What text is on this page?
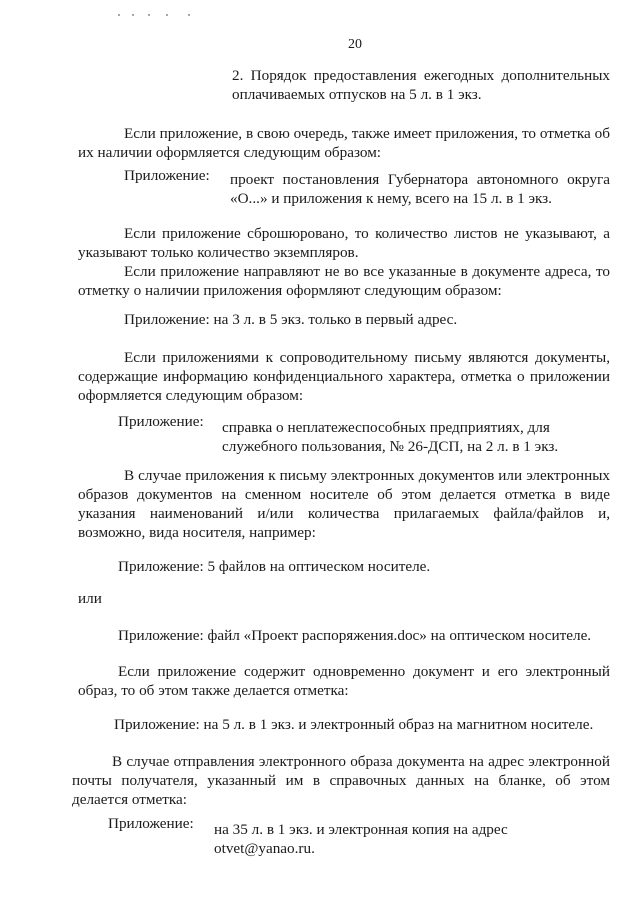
20
2. Порядок предоставления ежегодных дополнительных
оплачиваемых отпусков на 5 л. в 1 экз.
Если приложение, в свою очередь, также имеет приложения, то отметка об
их наличии оформляется следующим образом:
Приложение: проект постановления Губернатора автономного округа
«О...» и приложения к нему, всего на 15 л. в 1 экз.
Если приложение сброшюровано, то количество листов не указывают, а
указывают только количество экземпляров.
Если приложение направляют не во все указанные в документе адреса, то
отметку о наличии приложения оформляют следующим образом:
Приложение: на 3 л. в 5 экз. только в первый адрес.
Если приложениями к сопроводительному письму являются документы,
содержащие информацию конфиденциального характера, отметка о приложении
оформляется следующим образом:
Приложение: справка о неплатежеспособных предприятиях, для
служебного пользования, № 26-ДСП, на 2 л. в 1 экз.
В случае приложения к письму электронных документов или электронных
образов документов на сменном носителе об этом делается отметка в виде
указания наименований и/или количества прилагаемых файла/файлов и,
возможно, вида носителя, например:
Приложение: 5 файлов на оптическом носителе.
или
Приложение: файл «Проект распоряжения.doc» на оптическом носителе.
Если приложение содержит одновременно документ и его электронный
образ, то об этом также делается отметка:
Приложение: на 5 л. в 1 экз. и электронный образ на магнитном носителе.
В случае отправления электронного образа документа на адрес электронной
почты получателя, указанный им в справочных данных на бланке, об этом
делается отметка:
Приложение: на 35 л. в 1 экз. и электронная копия на адрес
otvet@yanao.ru.
